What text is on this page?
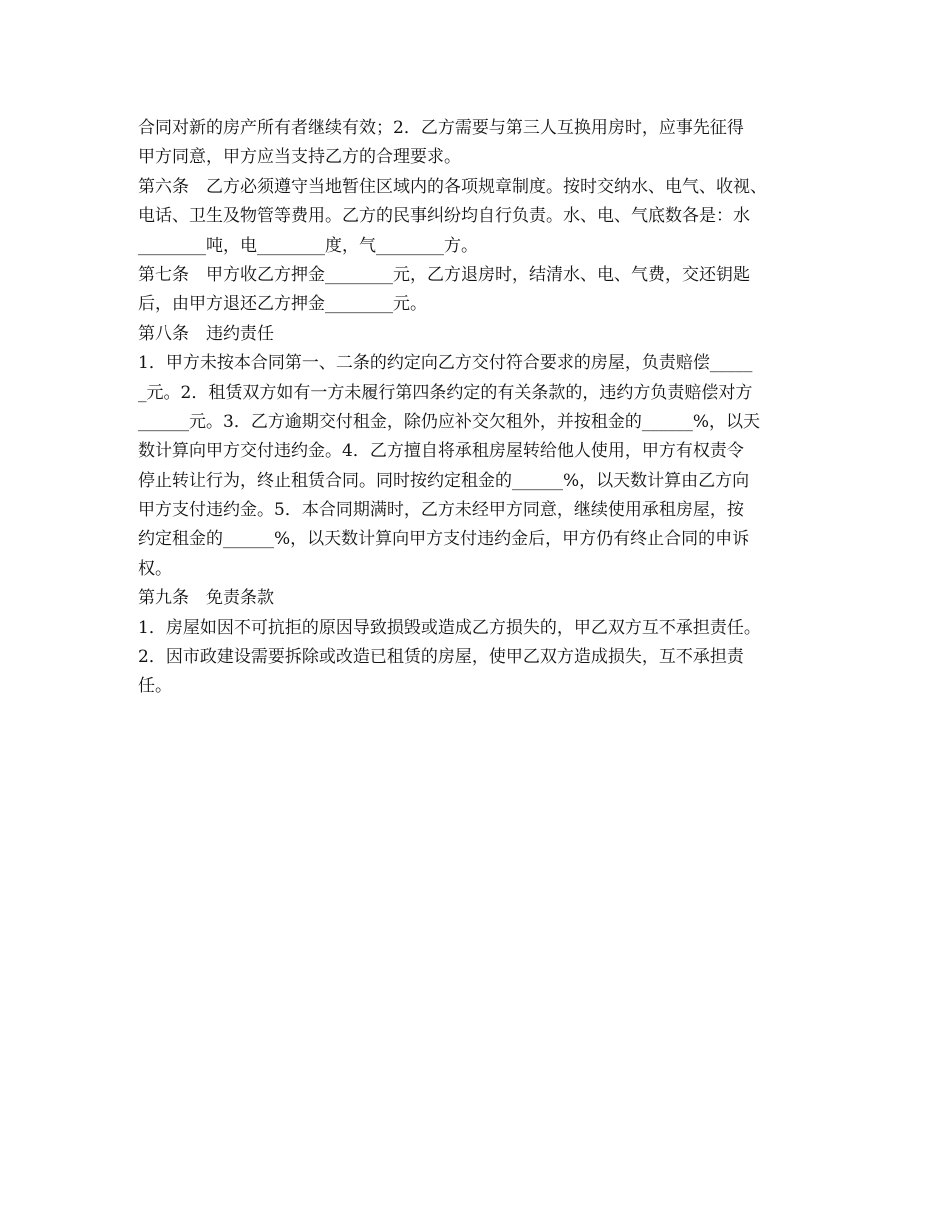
合同对新的房产所有者继续有效；2．乙方需要与第三人互换用房时，应事先征得
甲方同意，甲方应当支持乙方的合理要求。
第六条　乙方必须遵守当地暂住区域内的各项规章制度。按时交纳水、电气、收视、
电话、卫生及物管等费用。乙方的民事纠纷均自行负责。水、电、气底数各是：水
________吨，电________度，气________方。
第七条　甲方收乙方押金________元，乙方退房时，结清水、电、气费，交还钥匙
后，由甲方退还乙方押金________元。
第八条　违约责任
1．甲方未按本合同第一、二条的约定向乙方交付符合要求的房屋，负责赔偿_____
_元。2．租赁双方如有一方未履行第四条约定的有关条款的，违约方负责赔偿对方
______元。3．乙方逾期交付租金，除仍应补交欠租外，并按租金的______%，以天
数计算向甲方交付违约金。4．乙方擅自将承租房屋转给他人使用，甲方有权责令
停止转让行为，终止租赁合同。同时按约定租金的______%，以天数计算由乙方向
甲方支付违约金。5．本合同期满时，乙方未经甲方同意，继续使用承租房屋，按
约定租金的______%，以天数计算向甲方支付违约金后，甲方仍有终止合同的申诉
权。
第九条　免责条款
1．房屋如因不可抗拒的原因导致损毁或造成乙方损失的，甲乙双方互不承担责任。
2．因市政建设需要拆除或改造已租赁的房屋，使甲乙双方造成损失，互不承担责
任。
